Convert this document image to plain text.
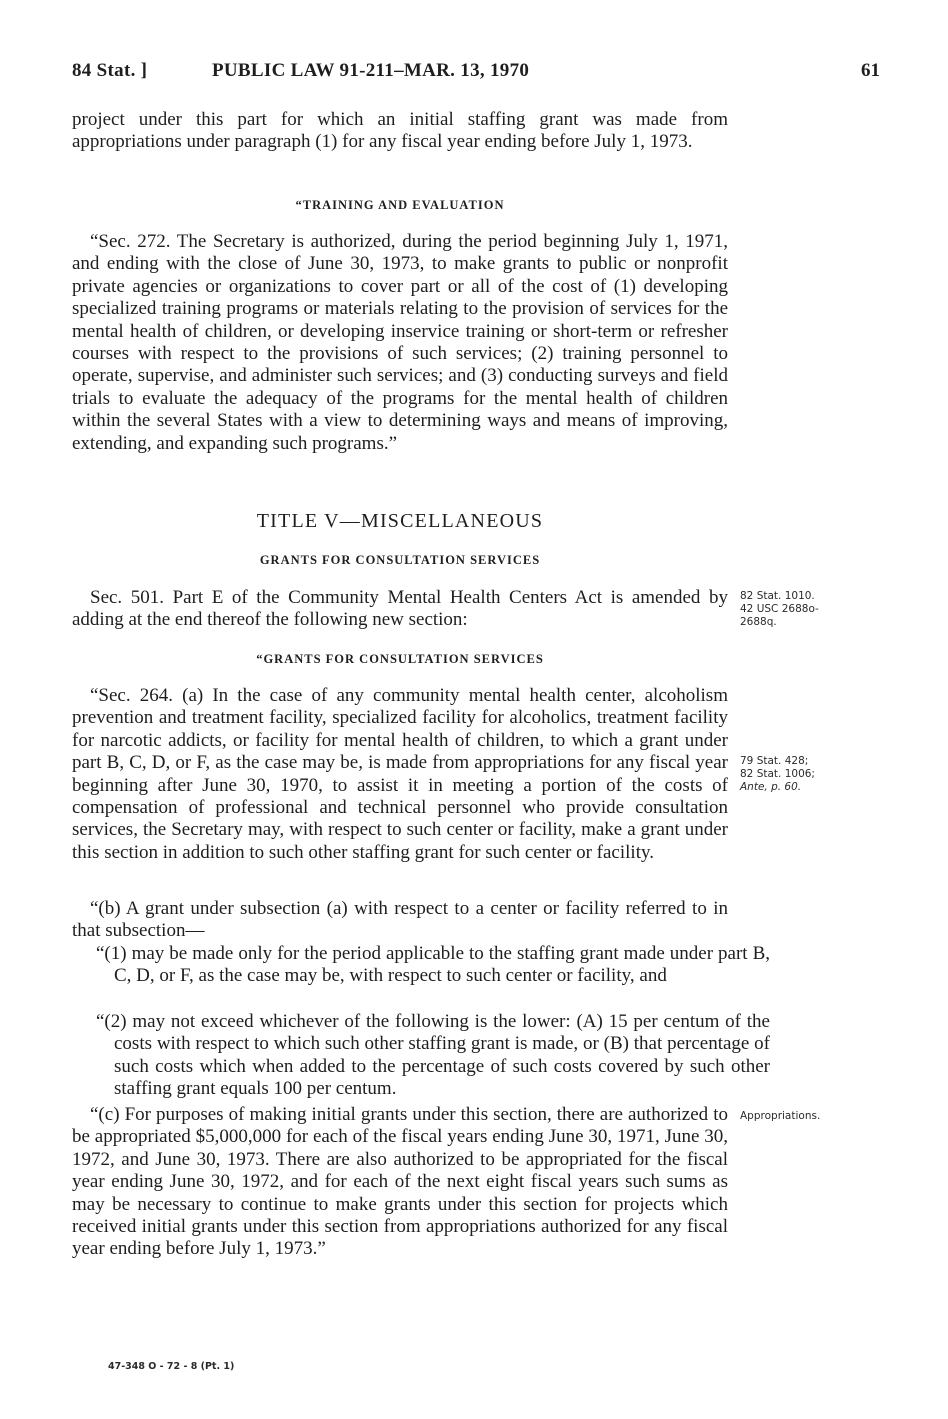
84 Stat. ]	PUBLIC LAW 91-211–MAR. 13, 1970	61

project under this part for which an initial staffing grant was made from appropriations under paragraph (1) for any fiscal year ending before July 1, 1973.

“TRAINING AND EVALUATION

“Sec. 272. The Secretary is authorized, during the period beginning July 1, 1971, and ending with the close of June 30, 1973, to make grants to public or nonprofit private agencies or organizations to cover part or all of the cost of (1) developing specialized training programs or materials relating to the provision of services for the mental health of children, or developing inservice training or short-term or refresher courses with respect to the provisions of such services; (2) training personnel to operate, supervise, and administer such services; and (3) conducting surveys and field trials to evaluate the adequacy of the programs for the mental health of children within the several States with a view to determining ways and means of improving, extending, and expanding such programs.”

TITLE V—MISCELLANEOUS
GRANTS FOR CONSULTATION SERVICES

Sec. 501. Part E of the Community Mental Health Centers Act is amended by adding at the end thereof the following new section:

“GRANTS FOR CONSULTATION SERVICES

“Sec. 264. (a) In the case of any community mental health center, alcoholism prevention and treatment facility, specialized facility for alcoholics, treatment facility for narcotic addicts, or facility for mental health of children, to which a grant under part B, C, D, or F, as the case may be, is made from appropriations for any fiscal year beginning after June 30, 1970, to assist it in meeting a portion of the costs of compensation of professional and technical personnel who provide consultation services, the Secretary may, with respect to such center or facility, make a grant under this section in addition to such other staffing grant for such center or facility.

“(b) A grant under subsection (a) with respect to a center or facility referred to in that subsection—

“(1) may be made only for the period applicable to the staffing grant made under part B, C, D, or F, as the case may be, with respect to such center or facility, and

“(2) may not exceed whichever of the following is the lower: (A) 15 per centum of the costs with respect to which such other staffing grant is made, or (B) that percentage of such costs which when added to the percentage of such costs covered by such other staffing grant equals 100 per centum.

“(c) For purposes of making initial grants under this section, there are authorized to be appropriated $5,000,000 for each of the fiscal years ending June 30, 1971, June 30, 1972, and June 30, 1973. There are also authorized to be appropriated for the fiscal year ending June 30, 1972, and for each of the next eight fiscal years such sums as may be necessary to continue to make grants under this section for projects which received initial grants under this section from appropriations authorized for any fiscal year ending before July 1, 1973.”

82 Stat. 1010.
42 USC 2688o-
2688q.
79 Stat. 428;
82 Stat. 1006;
Ante, p. 60.
Appropriations.
47-348 O - 72 - 8 (Pt. 1)
